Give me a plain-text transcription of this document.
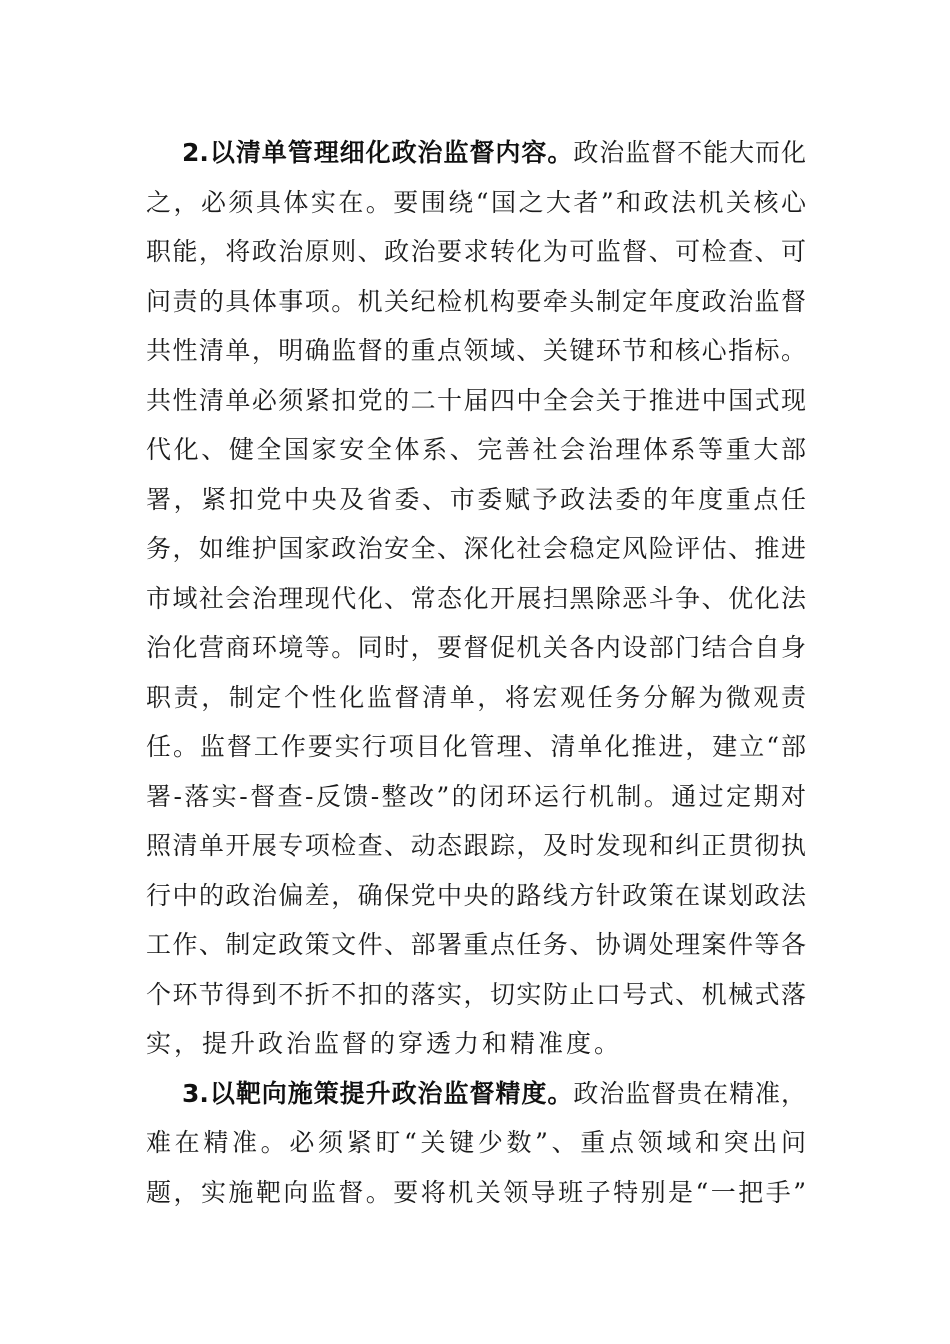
2.以清单管理细化政治监督内容。政治监督不能大而化
之，必须具体实在。要围绕“国之大者”和政法机关核心
职能，将政治原则、政治要求转化为可监督、可检查、可
问责的具体事项。机关纪检机构要牵头制定年度政治监督
共性清单，明确监督的重点领域、关键环节和核心指标。
共性清单必须紧扣党的二十届四中全会关于推进中国式现
代化、健全国家安全体系、完善社会治理体系等重大部
署，紧扣党中央及省委、市委赋予政法委的年度重点任
务，如维护国家政治安全、深化社会稳定风险评估、推进
市域社会治理现代化、常态化开展扫黑除恶斗争、优化法
治化营商环境等。同时，要督促机关各内设部门结合自身
职责，制定个性化监督清单，将宏观任务分解为微观责
任。监督工作要实行项目化管理、清单化推进，建立“部
署-落实-督查-反馈-整改”的闭环运行机制。通过定期对
照清单开展专项检查、动态跟踪，及时发现和纠正贯彻执
行中的政治偏差，确保党中央的路线方针政策在谋划政法
工作、制定政策文件、部署重点任务、协调处理案件等各
个环节得到不折不扣的落实，切实防止口号式、机械式落
实，提升政治监督的穿透力和精准度。
3.以靶向施策提升政治监督精度。政治监督贵在精准，
难在精准。必须紧盯“关键少数”、重点领域和突出问
题，实施靶向监督。要将机关领导班子特别是“一把手”
